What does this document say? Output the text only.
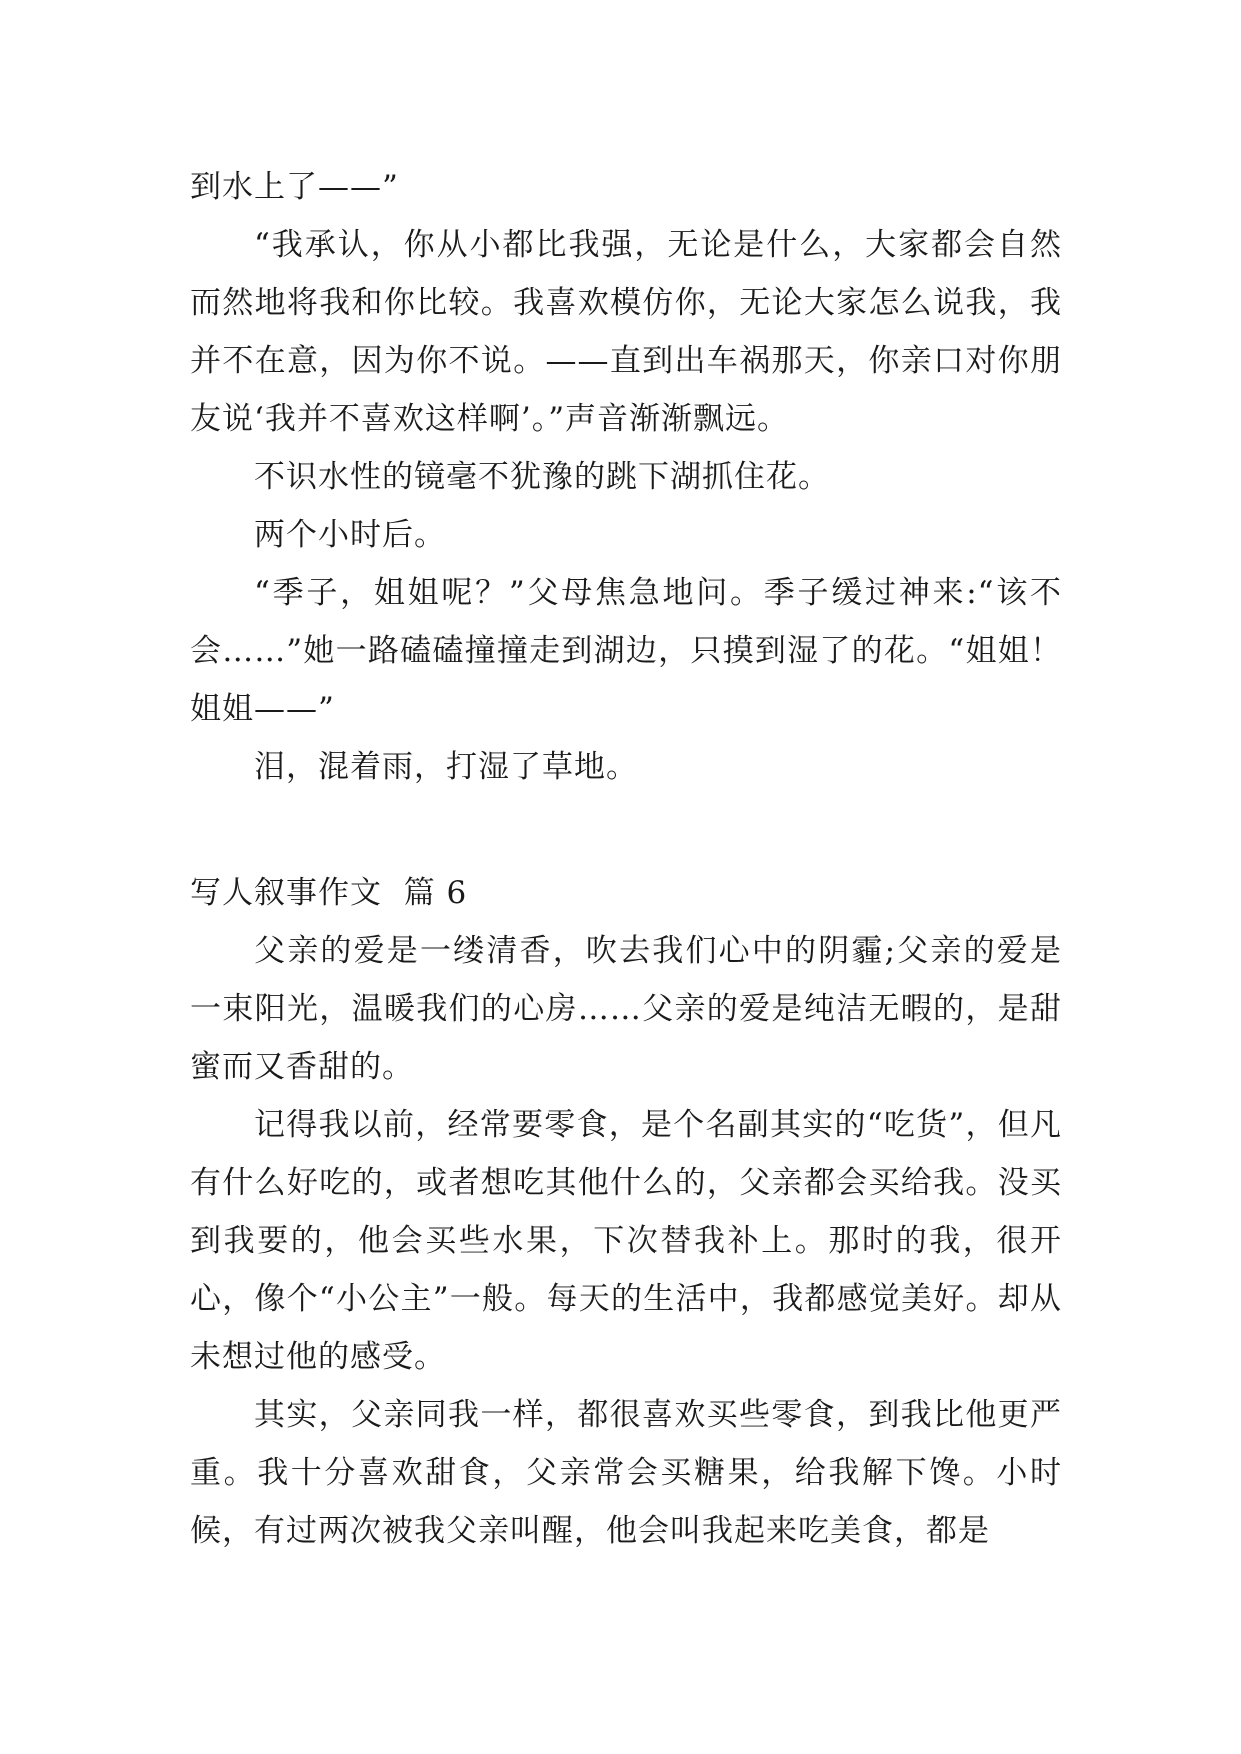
到水上了——”

“我承认，你从小都比我强，无论是什么，大家都会自然而然地将我和你比较。我喜欢模仿你，无论大家怎么说我，我并不在意，因为你不说。——直到出车祸那天，你亲口对你朋友说‘我并不喜欢这样啊’。”声音渐渐飘远。

不识水性的镜毫不犹豫的跳下湖抓住花。

两个小时后。

“季子，姐姐呢？”父母焦急地问。季子缓过神来:“该不会……”她一路磕磕撞撞走到湖边，只摸到湿了的花。“姐姐！姐姐——”

泪，混着雨，打湿了草地。

写人叙事作文  篇 6

父亲的爱是一缕清香，吹去我们心中的阴霾;父亲的爱是一束阳光，温暖我们的心房……父亲的爱是纯洁无暇的，是甜蜜而又香甜的。

记得我以前，经常要零食，是个名副其实的“吃货”，但凡有什么好吃的，或者想吃其他什么的，父亲都会买给我。没买到我要的，他会买些水果，下次替我补上。那时的我，很开心，像个“小公主”一般。每天的生活中，我都感觉美好。却从未想过他的感受。

其实，父亲同我一样，都很喜欢买些零食，到我比他更严重。我十分喜欢甜食，父亲常会买糖果，给我解下馋。小时候，有过两次被我父亲叫醒，他会叫我起来吃美食，都是
